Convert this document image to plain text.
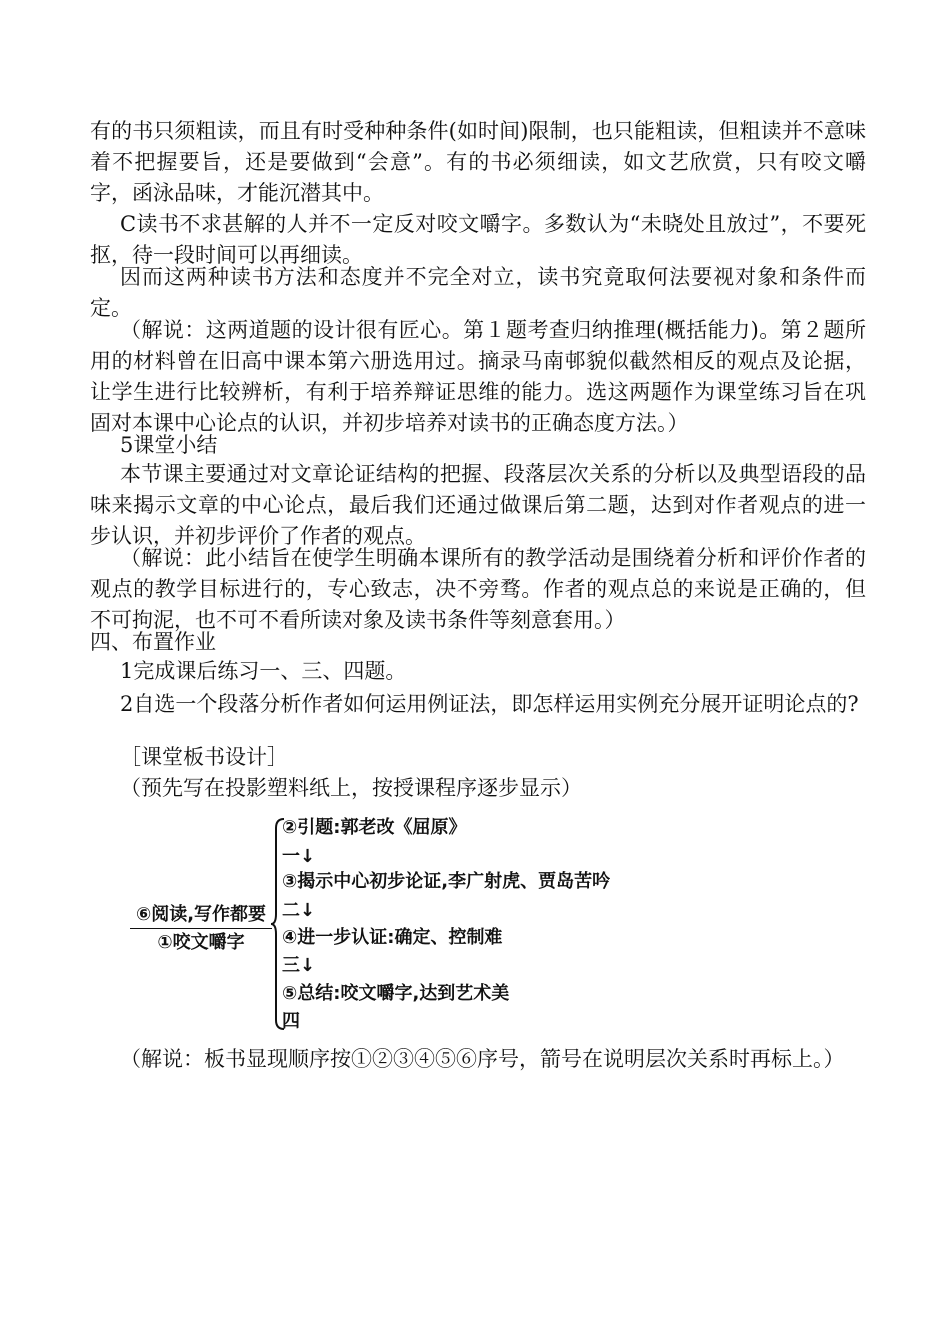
有的书只须粗读，而且有时受种种条件(如时间)限制，也只能粗读，但粗读并不意味着不把握要旨，还是要做到“会意”。有的书必须细读，如文艺欣赏，只有咬文嚼字，函泳品味，才能沉潜其中。

C读书不求甚解的人并不一定反对咬文嚼字。多数认为“未晓处且放过”，不要死抠，待一段时间可以再细读。

因而这两种读书方法和态度并不完全对立，读书究竟取何法要视对象和条件而定。

（解说：这两道题的设计很有匠心。第１题考查归纳推理(概括能力)。第２题所用的材料曾在旧高中课本第六册选用过。摘录马南邨貌似截然相反的观点及论据，让学生进行比较辨析，有利于培养辩证思维的能力。选这两题作为课堂练习旨在巩固对本课中心论点的认识，并初步培养对读书的正确态度方法。）

5课堂小结

本节课主要通过对文章论证结构的把握、段落层次关系的分析以及典型语段的品味来揭示文章的中心论点，最后我们还通过做课后第二题，达到对作者观点的进一步认识，并初步评价了作者的观点。

（解说：此小结旨在使学生明确本课所有的教学活动是围绕着分析和评价作者的观点的教学目标进行的，专心致志，决不旁骛。作者的观点总的来说是正确的，但不可拘泥，也不可不看所读对象及读书条件等刻意套用。）

四、布置作业

1完成课后练习一、三、四题。

2自选一个段落分析作者如何运用例证法，即怎样运用实例充分展开证明论点的?

［课堂板书设计］

（预先写在投影塑料纸上，按授课程序逐步显示）

⑥阅读,写作都要
①咬文嚼字
②引题:郭老改《屈原》
一↓
③揭示中心初步论证,李广射虎、贾岛苦吟
二↓
④进一步认证:确定、控制难
三↓
⑤总结:咬文嚼字,达到艺术美
四

（解说：板书显现顺序按①②③④⑤⑥序号，箭号在说明层次关系时再标上。）
